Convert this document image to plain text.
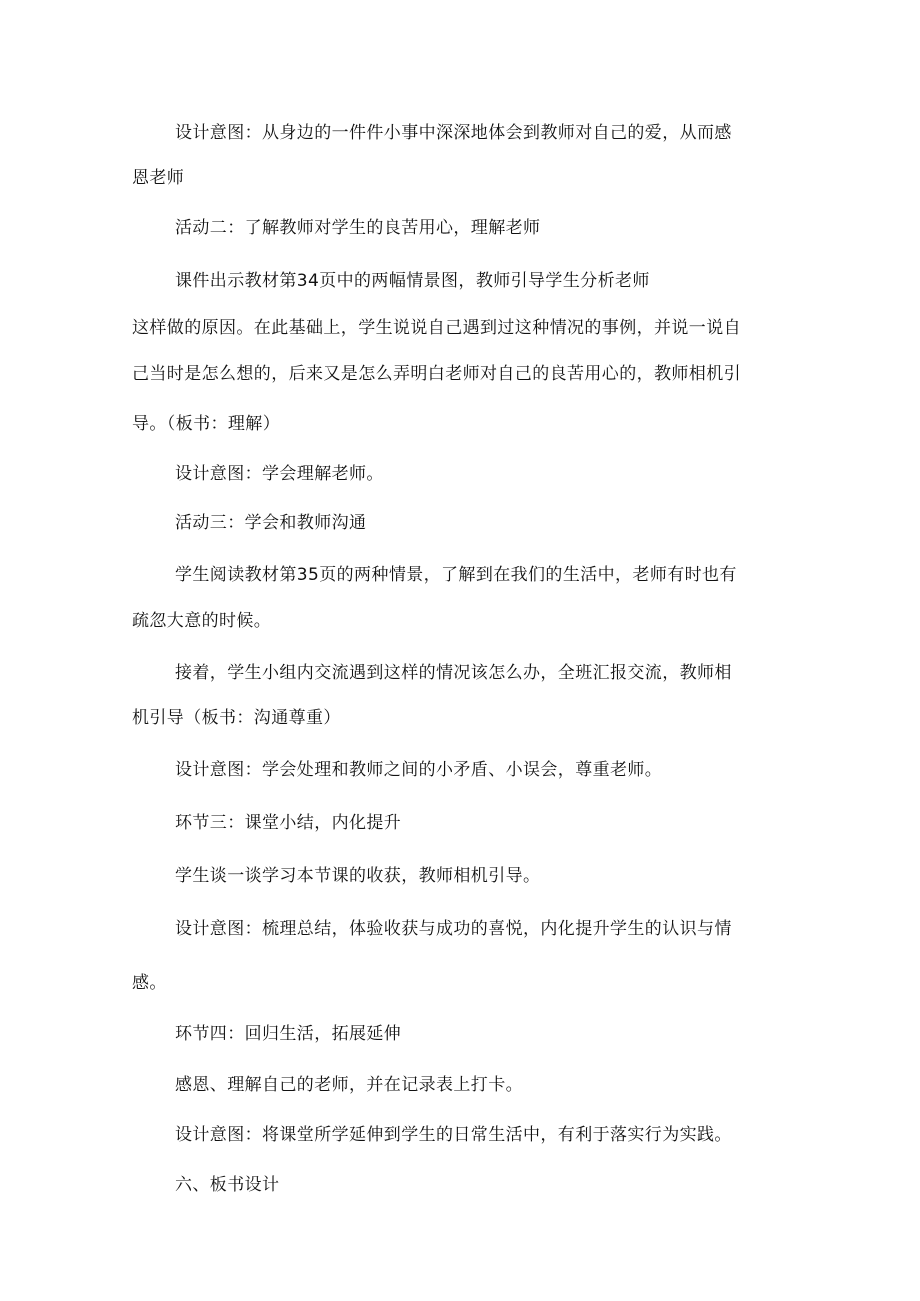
设计意图：从身边的一件件小事中深深地体会到教师对自己的爱，从而感
恩老师
活动二：了解教师对学生的良苦用心，理解老师
课件出示教材第34页中的两幅情景图，教师引导学生分析老师
这样做的原因。在此基础上，学生说说自己遇到过这种情况的事例，并说一说自
己当时是怎么想的，后来又是怎么弄明白老师对自己的良苦用心的，教师相机引
导。（板书：理解）
设计意图：学会理解老师。
活动三：学会和教师沟通
学生阅读教材第35页的两种情景，了解到在我们的生活中，老师有时也有
疏忽大意的时候。
接着，学生小组内交流遇到这样的情况该怎么办，全班汇报交流，教师相
机引导（板书：沟通尊重）
设计意图：学会处理和教师之间的小矛盾、小误会，尊重老师。
环节三：课堂小结，内化提升
学生谈一谈学习本节课的收获，教师相机引导。
设计意图：梳理总结，体验收获与成功的喜悦，内化提升学生的认识与情
感。
环节四：回归生活，拓展延伸
感恩、理解自己的老师，并在记录表上打卡。
设计意图：将课堂所学延伸到学生的日常生活中，有利于落实行为实践。
六、板书设计
